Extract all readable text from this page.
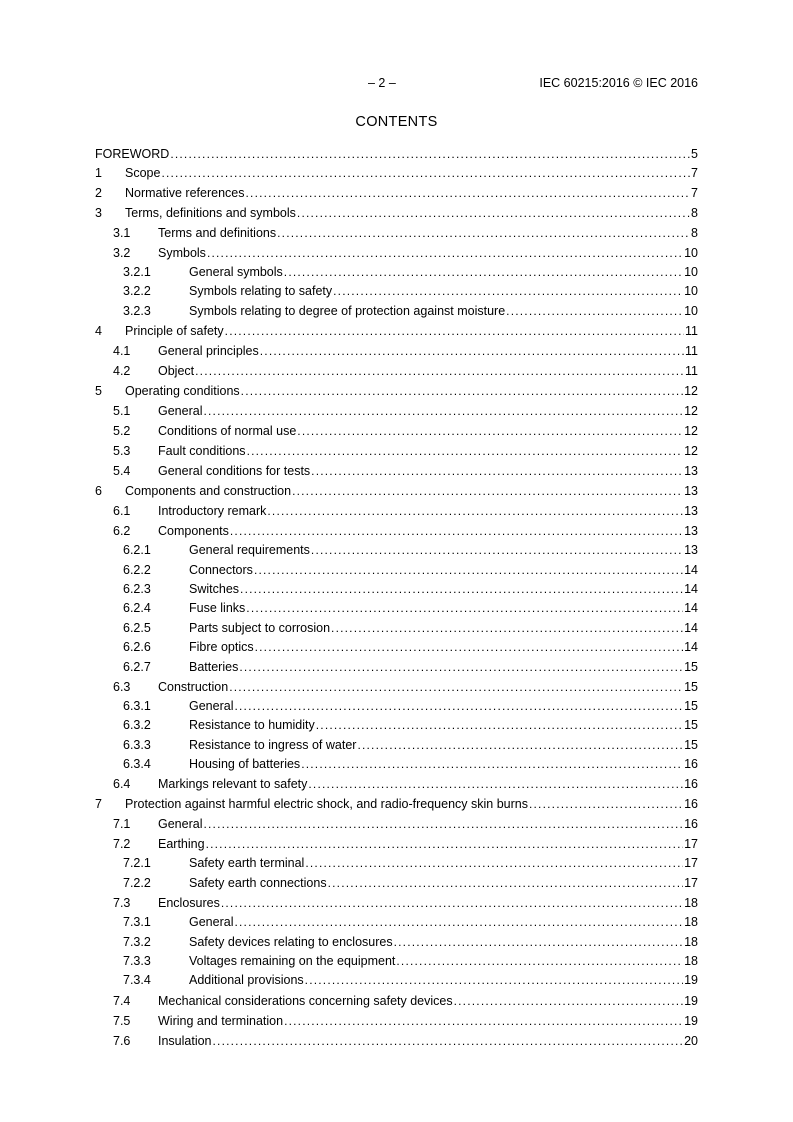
– 2 –	IEC 60215:2016 © IEC 2016
CONTENTS
FOREWORD .....	5
1	Scope .....	7
2	Normative references .....	7
3	Terms, definitions and symbols .....	8
3.1	Terms and definitions .....	8
3.2	Symbols .....	10
3.2.1	General symbols .....	10
3.2.2	Symbols relating to safety .....	10
3.2.3	Symbols relating to degree of protection against moisture .....	10
4	Principle of safety .....	11
4.1	General principles .....	11
4.2	Object .....	11
5	Operating conditions .....	12
5.1	General .....	12
5.2	Conditions of normal use .....	12
5.3	Fault conditions .....	12
5.4	General conditions for tests .....	13
6	Components and construction .....	13
6.1	Introductory remark .....	13
6.2	Components .....	13
6.2.1	General requirements .....	13
6.2.2	Connectors .....	14
6.2.3	Switches .....	14
6.2.4	Fuse links .....	14
6.2.5	Parts subject to corrosion .....	14
6.2.6	Fibre optics .....	14
6.2.7	Batteries .....	15
6.3	Construction .....	15
6.3.1	General .....	15
6.3.2	Resistance to humidity .....	15
6.3.3	Resistance to ingress of water .....	15
6.3.4	Housing of batteries .....	16
6.4	Markings relevant to safety .....	16
7	Protection against harmful electric shock, and radio-frequency skin burns .....	16
7.1	General .....	16
7.2	Earthing .....	17
7.2.1	Safety earth terminal .....	17
7.2.2	Safety earth connections .....	17
7.3	Enclosures .....	18
7.3.1	General .....	18
7.3.2	Safety devices relating to enclosures .....	18
7.3.3	Voltages remaining on the equipment .....	18
7.3.4	Additional provisions .....	19
7.4	Mechanical considerations concerning safety devices .....	19
7.5	Wiring and termination .....	19
7.6	Insulation .....	20
